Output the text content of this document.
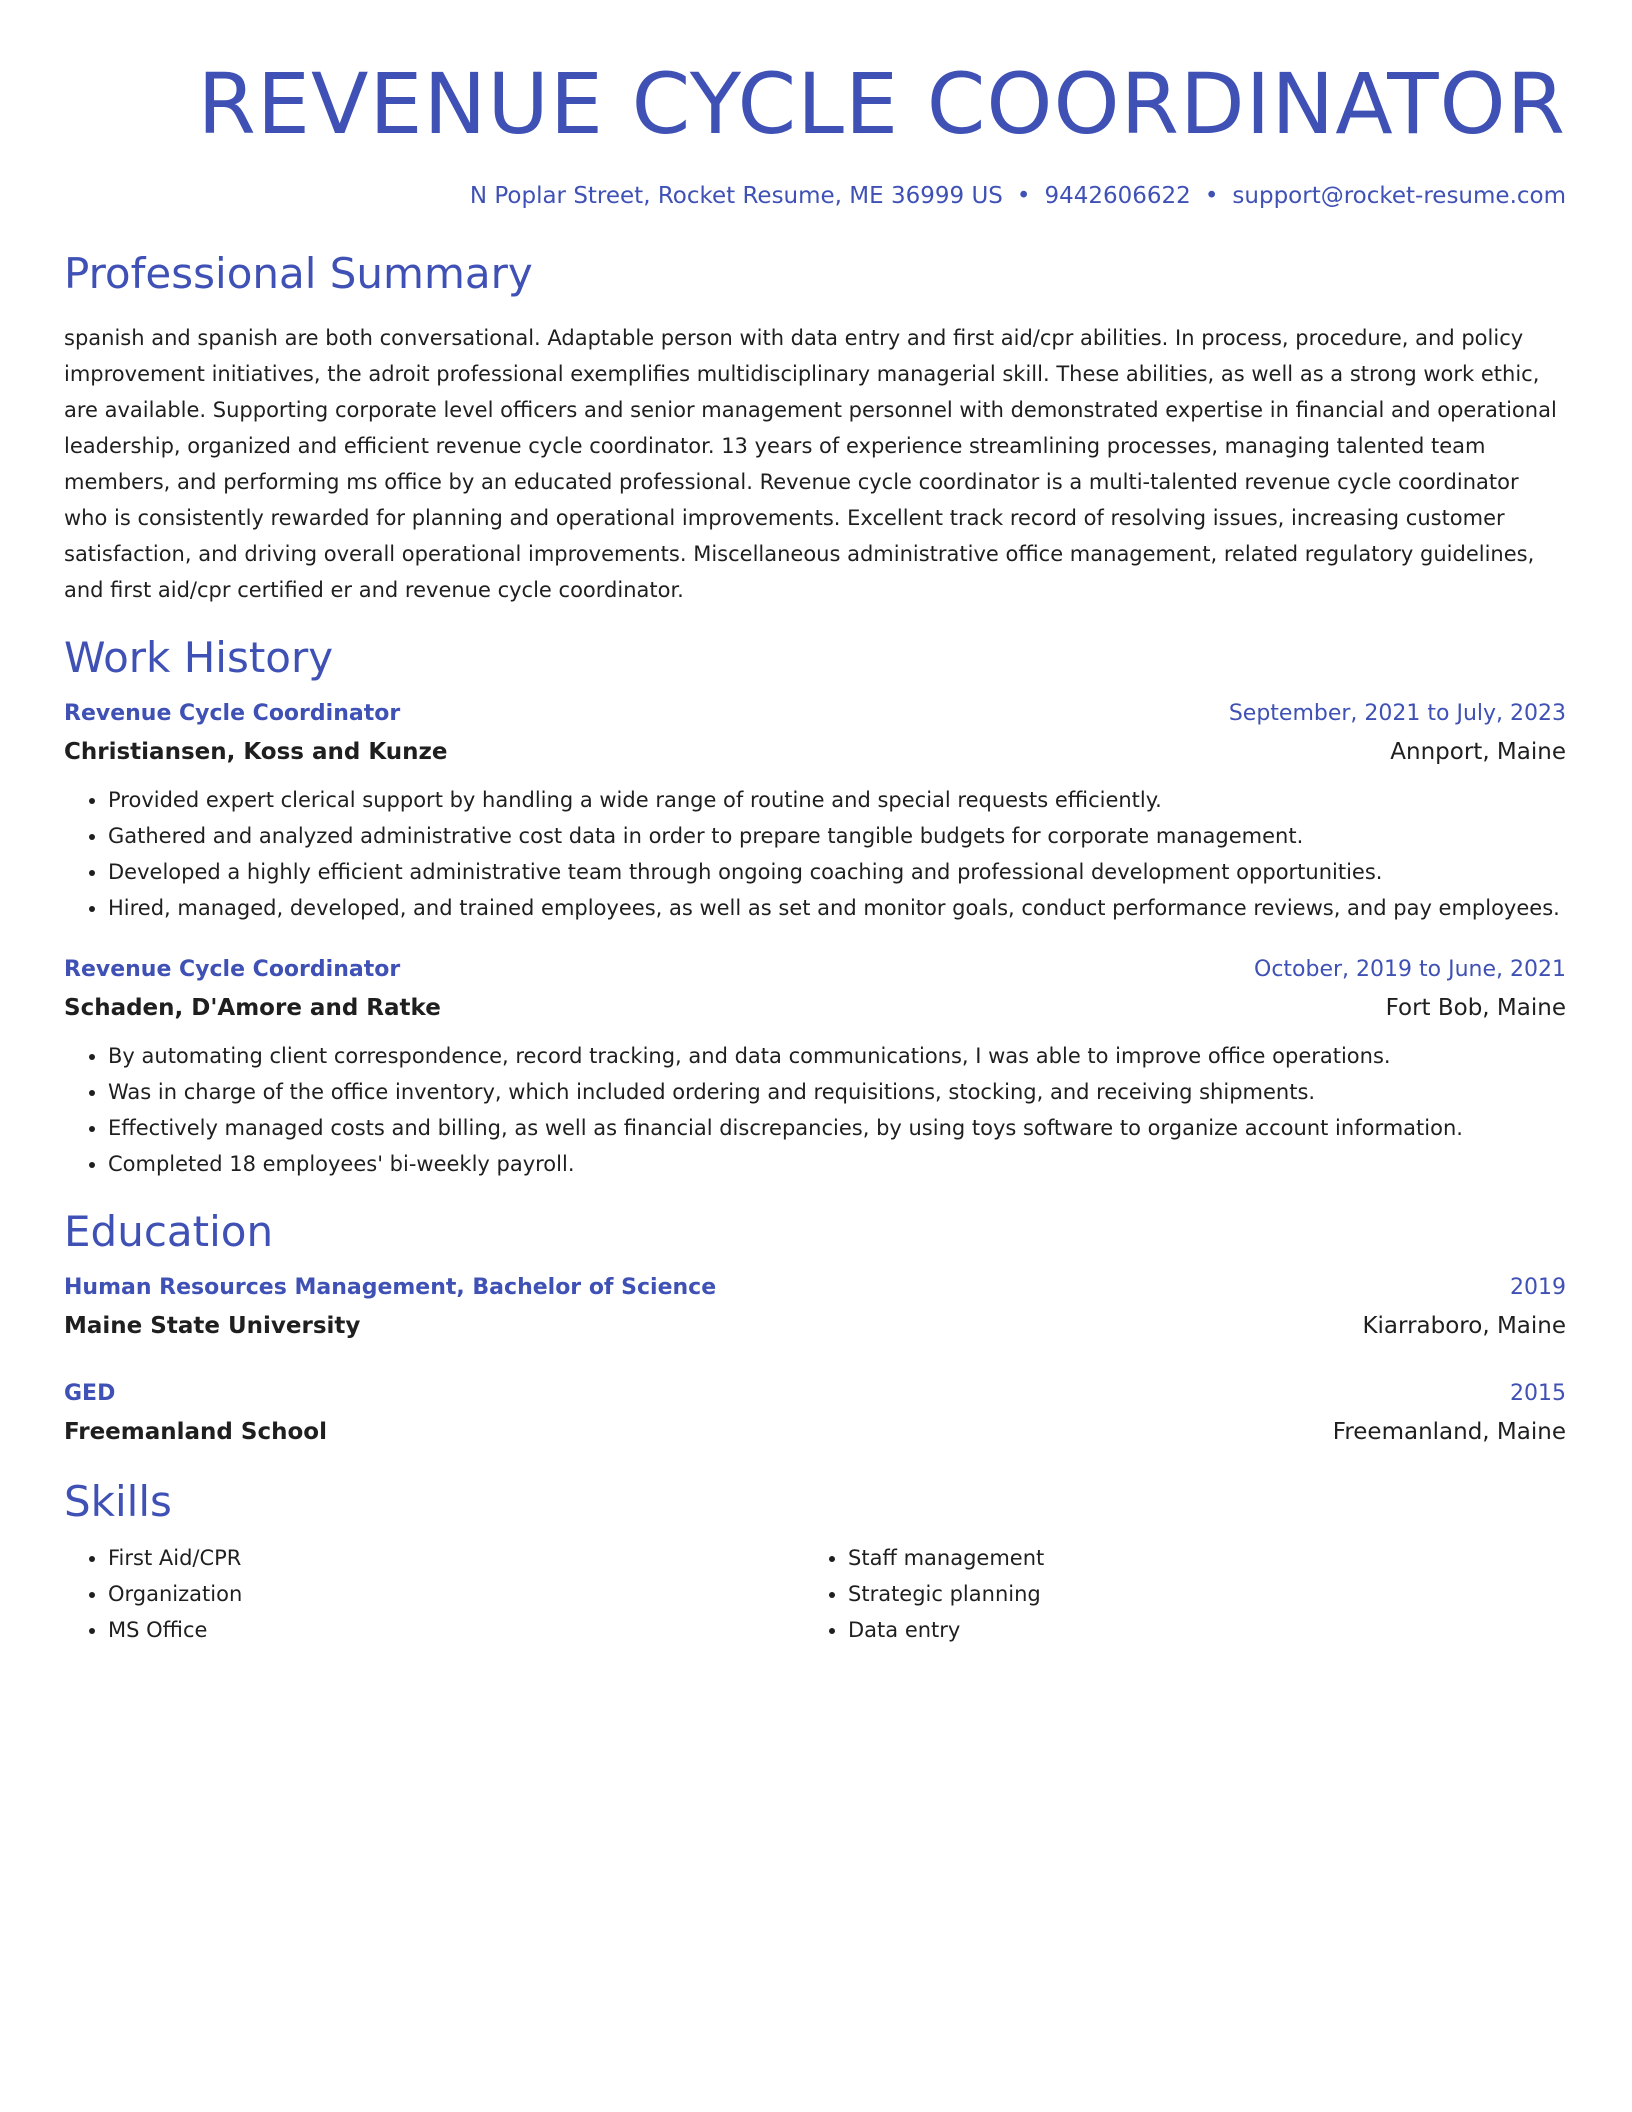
REVENUE CYCLE COORDINATOR
N Poplar Street, Rocket Resume, ME 36999 US • 9442606622 • support@rocket-resume.com
Professional Summary

spanish and spanish are both conversational. Adaptable person with data entry and first aid/cpr abilities. In process, procedure, and policy improvement initiatives, the adroit professional exemplifies multidisciplinary managerial skill. These abilities, as well as a strong work ethic, are available. Supporting corporate level officers and senior management personnel with demonstrated expertise in financial and operational leadership, organized and efficient revenue cycle coordinator. 13 years of experience streamlining processes, managing talented team members, and performing ms office by an educated professional. Revenue cycle coordinator is a multi-talented revenue cycle coordinator who is consistently rewarded for planning and operational improvements. Excellent track record of resolving issues, increasing customer satisfaction, and driving overall operational improvements. Miscellaneous administrative office management, related regulatory guidelines, and first aid/cpr certified er and revenue cycle coordinator.

Work History
Revenue Cycle Coordinator	September, 2021 to July, 2023
Christiansen, Koss and Kunze	Annport, Maine
• Provided expert clerical support by handling a wide range of routine and special requests efficiently.
• Gathered and analyzed administrative cost data in order to prepare tangible budgets for corporate management.
• Developed a highly efficient administrative team through ongoing coaching and professional development opportunities.
• Hired, managed, developed, and trained employees, as well as set and monitor goals, conduct performance reviews, and pay employees.
Revenue Cycle Coordinator	October, 2019 to June, 2021
Schaden, D'Amore and Ratke	Fort Bob, Maine
• By automating client correspondence, record tracking, and data communications, I was able to improve office operations.
• Was in charge of the office inventory, which included ordering and requisitions, stocking, and receiving shipments.
• Effectively managed costs and billing, as well as financial discrepancies, by using toys software to organize account information.
• Completed 18 employees' bi-weekly payroll.
Education
Human Resources Management, Bachelor of Science	2019
Maine State University	Kiarraboro, Maine
GED	2015
Freemanland School	Freemanland, Maine
Skills
• First Aid/CPR
• Organization
• MS Office
• Staff management
• Strategic planning
• Data entry
